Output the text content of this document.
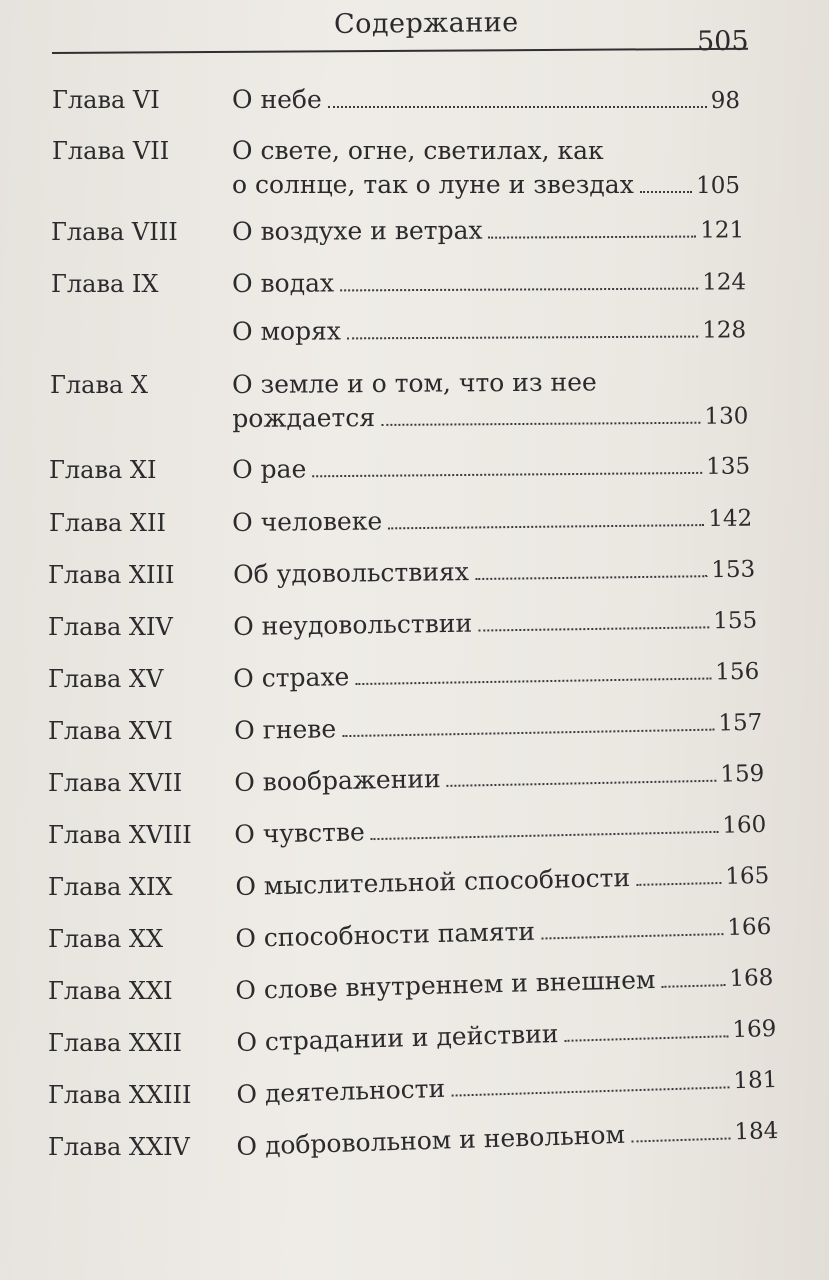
Содержание
505
Глава VI	О небе	98
Глава VII	О свете, огне, светилах, как
о солнце, так о луне и звездах	105
Глава VIII О воздухе и ветрах	121
Глава IX	О водах	124
О морях	128
Глава X	О земле и о том, что из нее
рождается	130
Глава XI	О рае	135
Глава XII	О человеке	142
Глава XIII Об удовольствиях	153
Глава XIV О неудовольствии	155
Глава XV	О страхе	156
Глава XVI О гневе	157
Глава XVII О воображении	159
Глава XVIII О чувстве	160
Глава XIX О мыслительной способности	165
Глава XX	О способности памяти	166
Глава XXI	О слове внутреннем и внешнем	168
Глава XXII О страдании и действии	169
Глава XXIII О деятельности	181
Глава XXIV О добровольном и невольном	184
